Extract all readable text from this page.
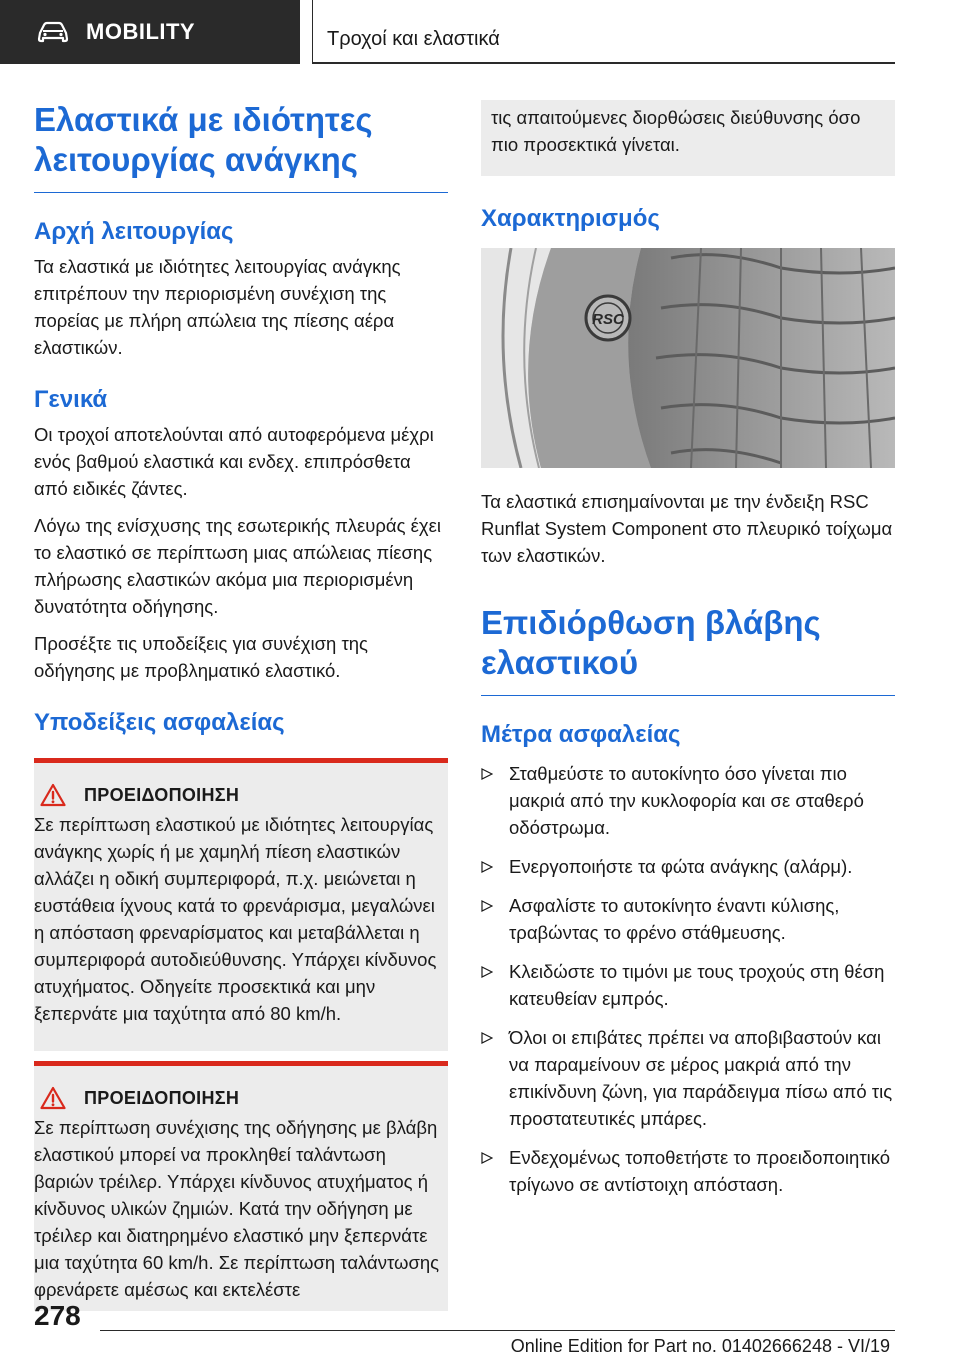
MOBILITY	Τροχοί και ελαστικά
Ελαστικά με ιδιότητες λειτουργίας ανάγκης
Αρχή λειτουργίας

Τα ελαστικά με ιδιότητες λειτουργίας ανάγκης επιτρέπουν την περιορισμένη συνέχιση της πορείας με πλήρη απώλεια της πίεσης αέρα ελαστικών.

Γενικά

Οι τροχοί αποτελούνται από αυτοφερόμενα μέχρι ενός βαθμού ελαστικά και ενδεχ. επιπρόσθετα από ειδικές ζάντες.

Λόγω της ενίσχυσης της εσωτερικής πλευράς έχει το ελαστικό σε περίπτωση μιας απώλειας πίεσης πλήρωσης ελαστικών ακόμα μια περιορισμένη δυνατότητα οδήγησης.

Προσέξτε τις υποδείξεις για συνέχιση της οδήγησης με προβληματικό ελαστικό.

Υποδείξεις ασφαλείας
ΠΡΟΕΙΔΟΠΟΙΗΣΗ

Σε περίπτωση ελαστικού με ιδιότητες λειτουργίας ανάγκης χωρίς ή με χαμηλή πίεση ελαστικών αλλάζει η οδική συμπεριφορά, π.χ. μειώνεται η ευστάθεια ίχνους κατά το φρενάρισμα, μεγαλώνει η απόσταση φρεναρίσματος και μεταβάλλεται η συμπεριφορά αυτοδιεύθυνσης. Υπάρχει κίνδυνος ατυχήματος. Οδηγείτε προσεκτικά και μην ξεπερνάτε μια ταχύτητα από 80 km/h.

ΠΡΟΕΙΔΟΠΟΙΗΣΗ

Σε περίπτωση συνέχισης της οδήγησης με βλάβη ελαστικού μπορεί να προκληθεί ταλάντωση βαριών τρέιλερ. Υπάρχει κίνδυνος ατυχήματος ή κίνδυνος υλικών ζημιών. Κατά την οδήγηση με τρέιλερ και διατηρημένο ελαστικό μην ξεπερνάτε μια ταχύτητα 60 km/h. Σε περίπτωση ταλάντωσης φρενάρετε αμέσως και εκτελέστε

τις απαιτούμενες διορθώσεις διεύθυνσης όσο πιο προσεκτικά γίνεται.

Χαρακτηρισμός
RSC

Τα ελαστικά επισημαίνονται με την ένδειξη RSC Runflat System Component στο πλευρικό τοίχωμα των ελαστικών.

Επιδιόρθωση βλάβης ελαστικού
Μέτρα ασφαλείας
Σταθμεύστε το αυτοκίνητο όσο γίνεται πιο μακριά από την κυκλοφορία και σε σταθερό οδόστρωμα.
Ενεργοποιήστε τα φώτα ανάγκης (αλάρμ).
Ασφαλίστε το αυτοκίνητο έναντι κύλισης, τραβώντας το φρένο στάθμευσης.
Κλειδώστε το τιμόνι με τους τροχούς στη θέση κατευθείαν εμπρός.
Όλοι οι επιβάτες πρέπει να αποβιβαστούν και να παραμείνουν σε μέρος μακριά από την επικίνδυνη ζώνη, για παράδειγμα πίσω από τις προστατευτικές μπάρες.
Ενδεχομένως τοποθετήστε το προειδοποιητικό τρίγωνο σε αντίστοιχη απόσταση.
278
Online Edition for Part no. 01402666248 - VI/19
